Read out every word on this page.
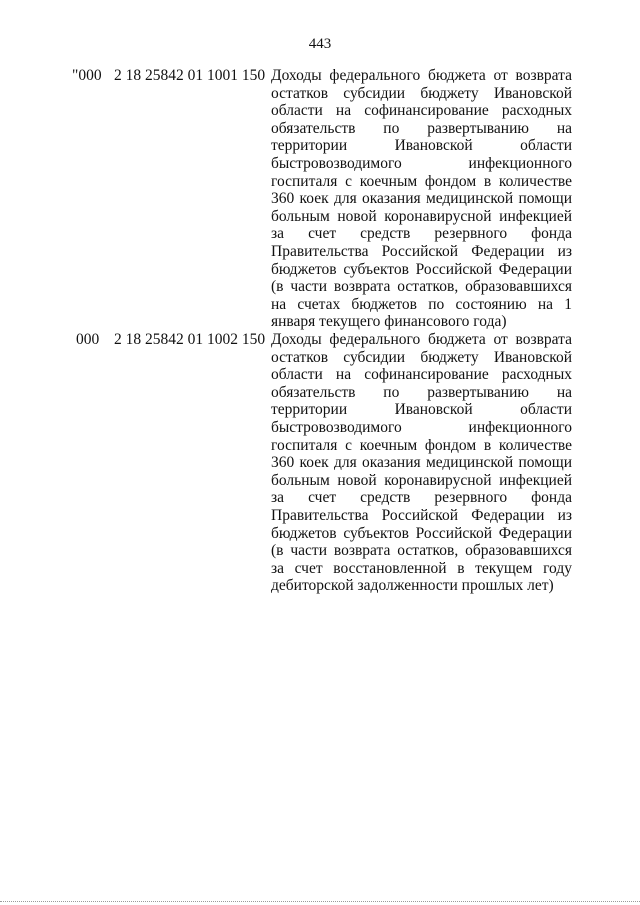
443
"000 2 18 25842 01 1001 150 Доходы федерального бюджета от возврата остатков субсидии бюджету Ивановской области на софинансирование расходных обязательств по развертыванию на территории Ивановской области быстровозводимого инфекционного госпиталя с коечным фондом в количестве 360 коек для оказания медицинской помощи больным новой коронавирусной инфекцией за счет средств резервного фонда Правительства Российской Федерации из бюджетов субъектов Российской Федерации (в части возврата остатков, образовавшихся на счетах бюджетов по состоянию на 1 января текущего финансового года)
000 2 18 25842 01 1002 150 Доходы федерального бюджета от возврата остатков субсидии бюджету Ивановской области на софинансирование расходных обязательств по развертыванию на территории Ивановской области быстровозводимого инфекционного госпиталя с коечным фондом в количестве 360 коек для оказания медицинской помощи больным новой коронавирусной инфекцией за счет средств резервного фонда Правительства Российской Федерации из бюджетов субъектов Российской Федерации (в части возврата остатков, образовавшихся за счет восстановленной в текущем году дебиторской задолженности прошлых лет)
